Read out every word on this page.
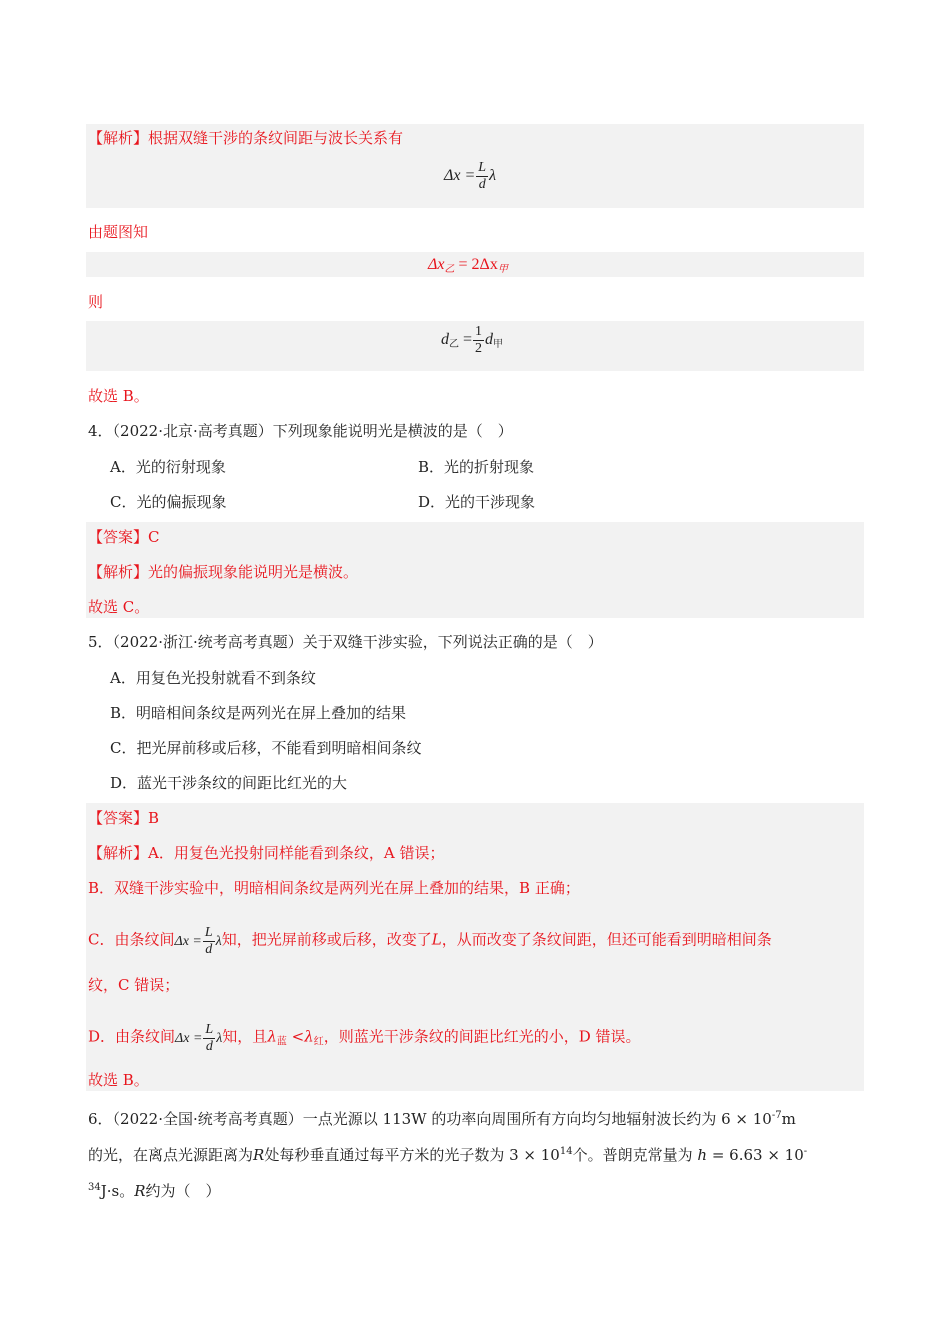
【解析】根据双缝干涉的条纹间距与波长关系有
$\Delta x = \frac{L}{d}$ λ
由题图知
$\Delta x_乙 = 2\Delta x_甲$
则
$d_乙 = \frac{1}{2} d_甲$
故选 B。
4．（2022·北京·高考真题）下列现象能说明光是横波的是（　）
A．光的衍射现象	B．光的折射现象
C．光的偏振现象	D．光的干涉现象
【答案】C
【解析】光的偏振现象能说明光是横波。
故选 C。
5．（2022·浙江·统考高考真题）关于双缝干涉实验，下列说法正确的是（　）
A．用复色光投射就看不到条纹
B．明暗相间条纹是两列光在屏上叠加的结果
C．把光屏前移或后移，不能看到明暗相间条纹
D．蓝光干涉条纹的间距比红光的大
【答案】B
【解析】A．用复色光投射同样能看到条纹，A 错误；
B．双缝干涉实验中，明暗相间条纹是两列光在屏上叠加的结果，B 正确；
C．由条纹间$\Delta x = \frac{L}{d}$ λ知，把光屏前移或后移，改变了L，从而改变了条纹间距，但还可能看到明暗相间条
纹，C 错误；
D．由条纹间$\Delta x = \frac{L}{d}$ λ知，且$\lambda_蓝 <\lambda_红$，则蓝光干涉条纹的间距比红光的小，D 错误。
故选 B。
6．（2022·全国·统考高考真题）一点光源以 113W 的功率向周围所有方向均匀地辐射波长约为 $6 \times 10^{-7}m$
的光，在离点光源距离为R处每秒垂直通过每平方米的光子数为 $3 \times 10^{14}$个。普朗克常量为 h = 6.63 × 10-
$^{34}$J·s。R约为（　）
